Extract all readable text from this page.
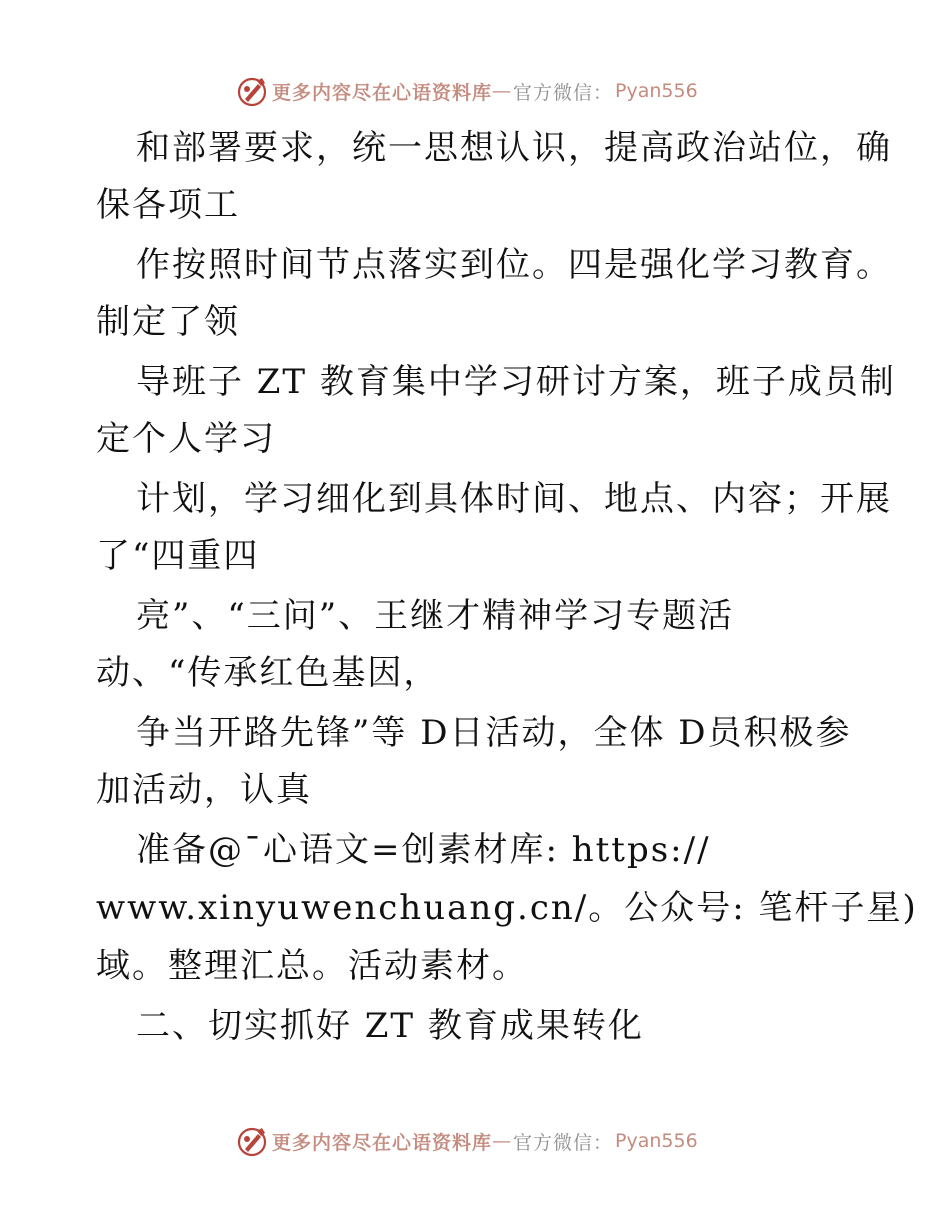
更多内容尽在心语资料库 — 官方微信： Pyan556
和部署要求，统一思想认识，提高政治站位，确
保各项工
作按照时间节点落实到位。四是强化学习教育。
制定了领
导班子 ZT 教育集中学习研讨方案，班子成员制
定个人学习
计划，学习细化到具体时间、地点、内容；开展
了“四重四
亮”、“三问”、王继才精神学习专题活
动、“传承红色基因，
争当开路先锋”等 D日活动，全体 D员积极参
加活动，认真
准备@¯心语文=创素材库: https://
www.xinyuwenchuang.cn/。公众号: 笔杆子星)
域。整理汇总。活动素材。
二、切实抓好 ZT 教育成果转化
更多内容尽在心语资料库 — 官方微信： Pyan556
